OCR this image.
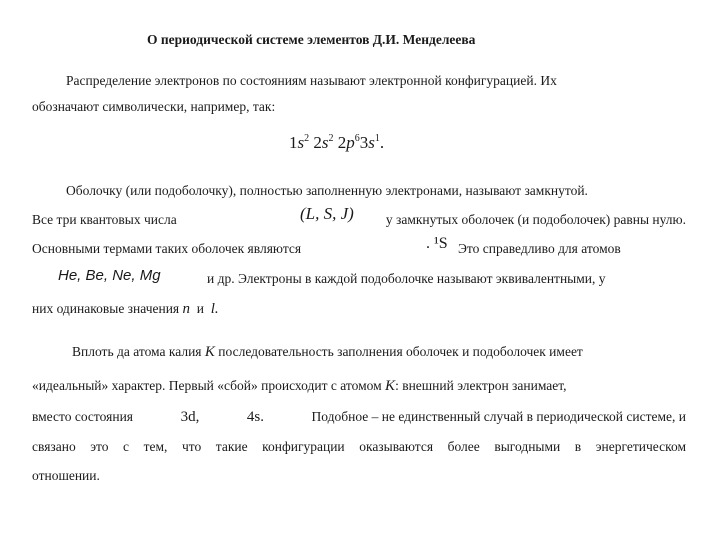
О периодической системе элементов Д.И. Менделеева
Распределение электронов по состояниям называют электронной конфигурацией. Их
обозначают символически, например, так:
$1s^2$ $2s^2$ $2p^63s^1$.
Оболочку (или подоболочку), полностью заполненную электронами, называют замкнутой.
Все три квантовых числа	(L, S, J)	у замкнутых оболочек (и подоболочек) равны нулю.
Основными термами таких оболочек являются	. ¹S Это справедливо для атомов
He, Be, Ne, Mg	и др. Электроны в каждой подоболочке называют эквивалентными, у
них одинаковые значения n и l.
Вплоть да атома калия K последовательность заполнения оболочек и подоболочек имеет
«идеальный» характер. Первый «сбой» происходит с атомом K: внешний электрон занимает,
вместо состояния	3d,	4s.	Подобное – не единственный случай в периодической системе, и
связано это с тем, что такие конфигурации оказываются более выгодными в энергетическом
отношении.
